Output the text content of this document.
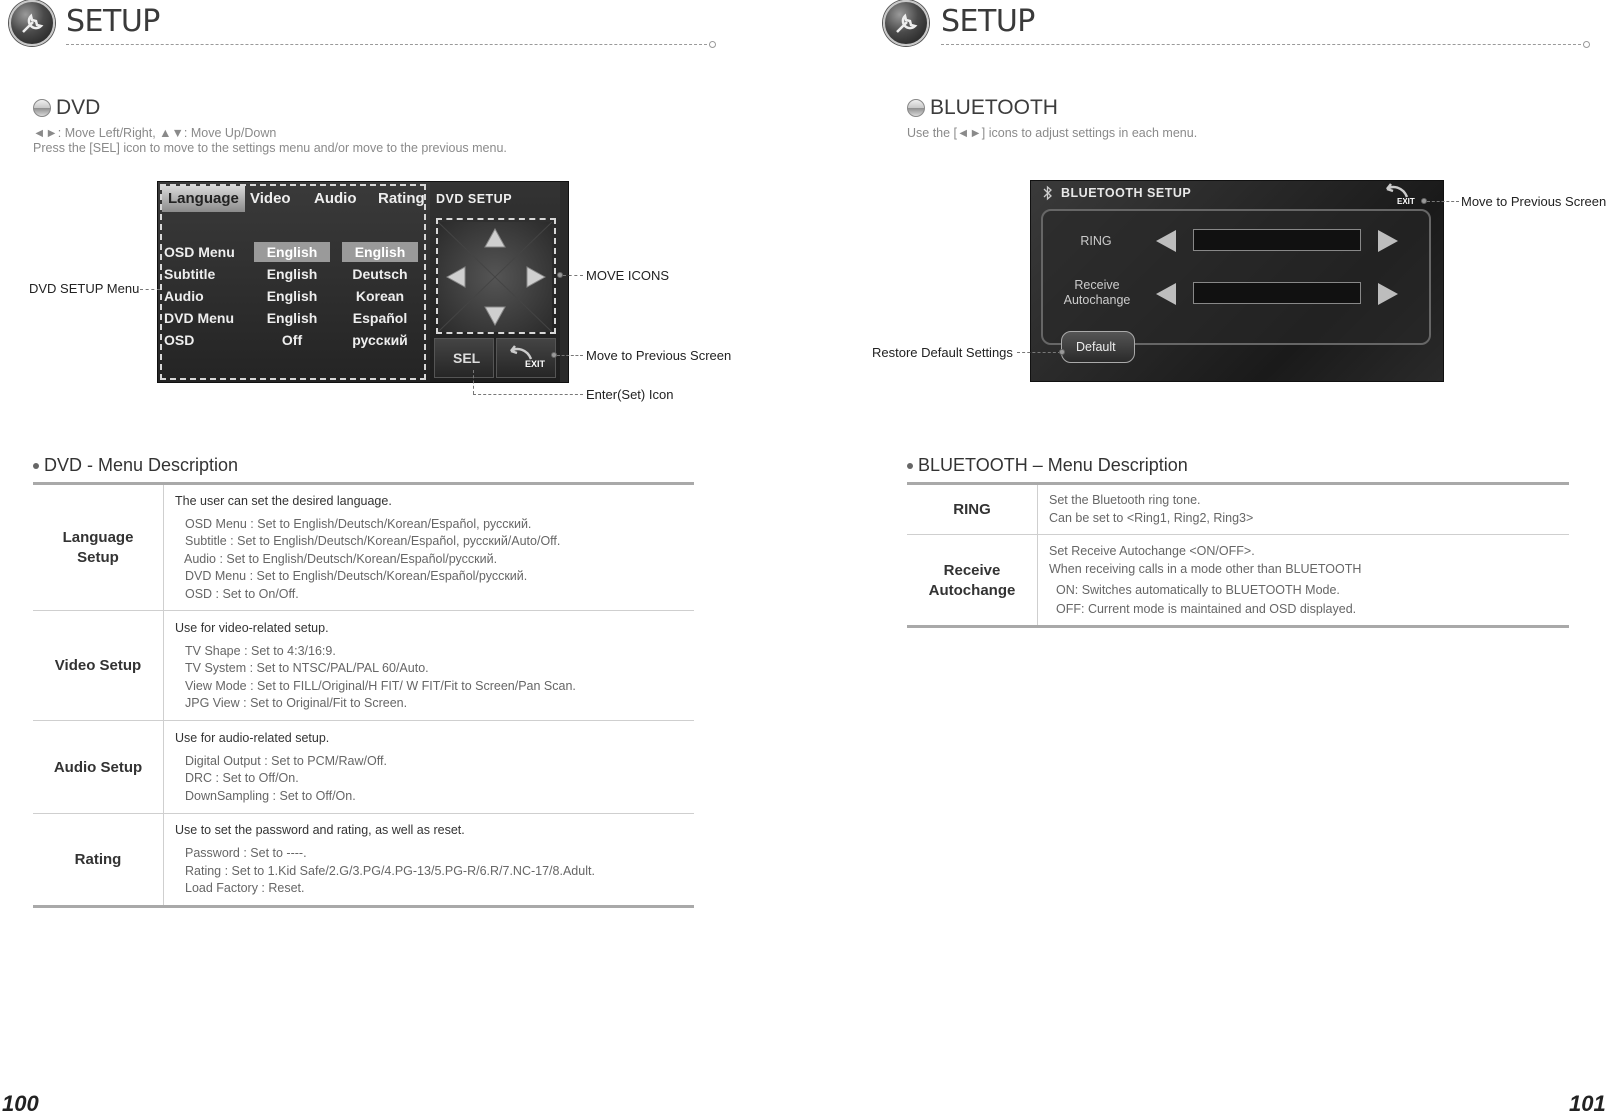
SETUP
DVD
◄►: Move Left/Right, ▲▼: Move Up/Down
Press the [SEL] icon to move to the settings menu and/or move to the previous menu.
Language Video Audio Rating
OSD Menu
Subtitle
Audio
DVD Menu
OSD
English
English
English
English
Off
English
Deutsch
Korean
Español
русский
DVD SETUP
SEL	EXIT
DVD SETUP Menu
MOVE ICONS
Move to Previous Screen
Enter(Set) Icon
DVD - Menu Description
Language Setup
The user can set the desired language.
OSD Menu : Set to English/Deutsch/Korean/Español, русский.
Subtitle : Set to English/Deutsch/Korean/Español, русский/Auto/Off.
Audio : Set to English/Deutsch/Korean/Español/русский.
DVD Menu : Set to English/Deutsch/Korean/Español/русский.
OSD : Set to On/Off.
Video Setup
Use for video-related setup.
TV Shape : Set to 4:3/16:9.
TV System : Set to NTSC/PAL/PAL 60/Auto.
View Mode : Set to FILL/Original/H FIT/ W FIT/Fit to Screen/Pan Scan.
JPG View : Set to Original/Fit to Screen.
Audio Setup
Use for audio-related setup.
Digital Output : Set to PCM/Raw/Off.
DRC : Set to Off/On.
DownSampling : Set to Off/On.
Rating
Use to set the password and rating, as well as reset.
Password : Set to ----.
Rating : Set to 1.Kid Safe/2.G/3.PG/4.PG-13/5.PG-R/6.R/7.NC-17/8.Adult.
Load Factory : Reset.
100
SETUP
BLUETOOTH
Use the [◄►] icons to adjust settings in each menu.
BLUETOOTH SETUP
EXIT
RING
Receive
Autochange
Default
Move to Previous Screen
Restore Default Settings
BLUETOOTH – Menu Description
RING
Set the Bluetooth ring tone.
Can be set to <Ring1, Ring2, Ring3>
Receive Autochange
Set Receive Autochange <ON/OFF>.
When receiving calls in a mode other than BLUETOOTH
ON: Switches automatically to BLUETOOTH Mode.
OFF: Current mode is maintained and OSD displayed.
101
